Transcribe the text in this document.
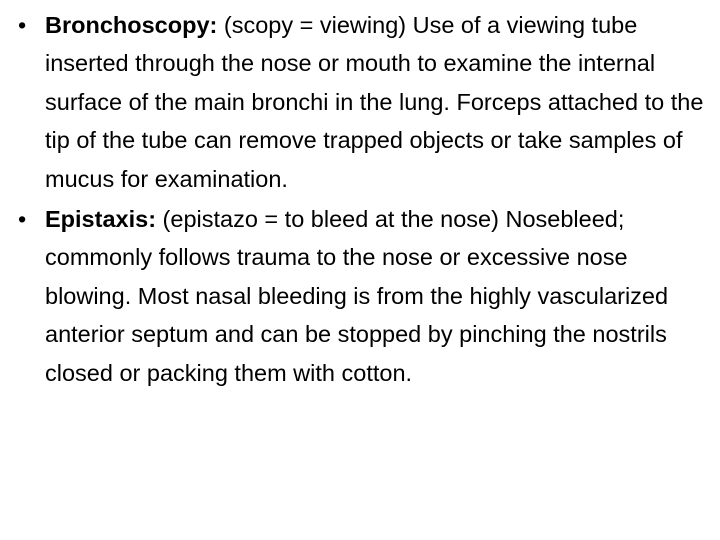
• Bronchoscopy: (scopy = viewing) Use of a viewing tube inserted through the nose or mouth to examine the internal surface of the main bronchi in the lung. Forceps attached to the tip of the tube can remove trapped objects or take samples of mucus for examination.
• Epistaxis: (epistazo = to bleed at the nose) Nosebleed; commonly follows trauma to the nose or excessive nose blowing. Most nasal bleeding is from the highly vascularized anterior septum and can be stopped by pinching the nostrils closed or packing them with cotton.
